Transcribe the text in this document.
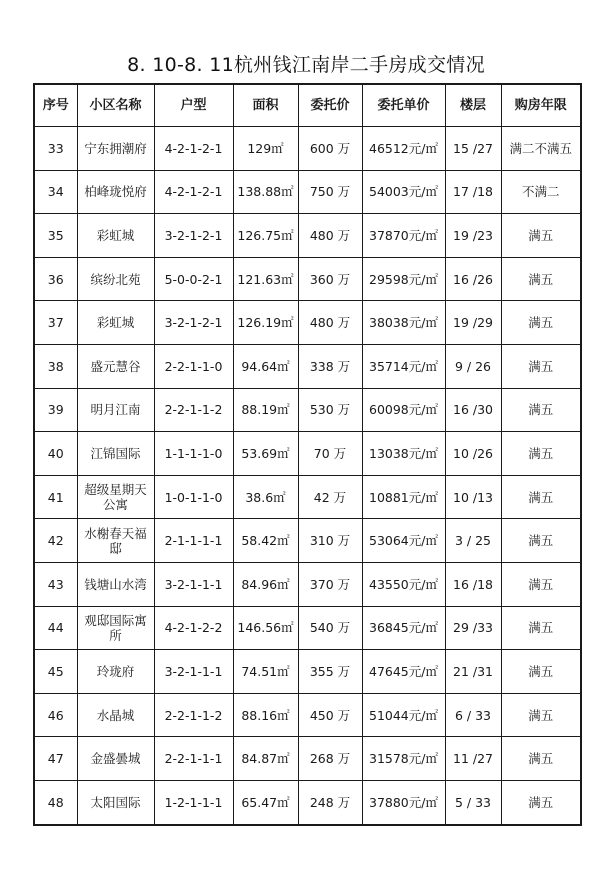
8. 10-8. 11杭州钱江南岸二手房成交情况
序号	小区名称	户型	面积	委托价	委托单价	楼层	购房年限
33	宁东拥潮府	4-2-1-2-1	129㎡	600 万	46512元/㎡	15 /27	满二不满五
34	柏峰珑悦府	4-2-1-2-1	138.88㎡	750 万	54003元/㎡	17 /18	不满二
35	彩虹城	3-2-1-2-1	126.75㎡	480 万	37870元/㎡	19 /23	满五
36	缤纷北苑	5-0-0-2-1	121.63㎡	360 万	29598元/㎡	16 /26	满五
37	彩虹城	3-2-1-2-1	126.19㎡	480 万	38038元/㎡	19 /29	满五
38	盛元慧谷	2-2-1-1-0	94.64㎡	338 万	35714元/㎡	9 / 26	满五
39	明月江南	2-2-1-1-2	88.19㎡	530 万	60098元/㎡	16 /30	满五
40	江锦国际	1-1-1-1-0	53.69㎡	70 万	13038元/㎡	10 /26	满五
41	超级星期天公寓	1-0-1-1-0	38.6㎡	42 万	10881元/㎡	10 /13	满五
42	水榭春天福邸	2-1-1-1-1	58.42㎡	310 万	53064元/㎡	3 / 25	满五
43	钱塘山水湾	3-2-1-1-1	84.96㎡	370 万	43550元/㎡	16 /18	满五
44	观邸国际寓所	4-2-1-2-2	146.56㎡	540 万	36845元/㎡	29 /33	满五
45	玲珑府	3-2-1-1-1	74.51㎡	355 万	47645元/㎡	21 /31	满五
46	水晶城	2-2-1-1-2	88.16㎡	450 万	51044元/㎡	6 / 33	满五
47	金盛曇城	2-2-1-1-1	84.87㎡	268 万	31578元/㎡	11 /27	满五
48	太阳国际	1-2-1-1-1	65.47㎡	248 万	37880元/㎡	5 / 33	满五
